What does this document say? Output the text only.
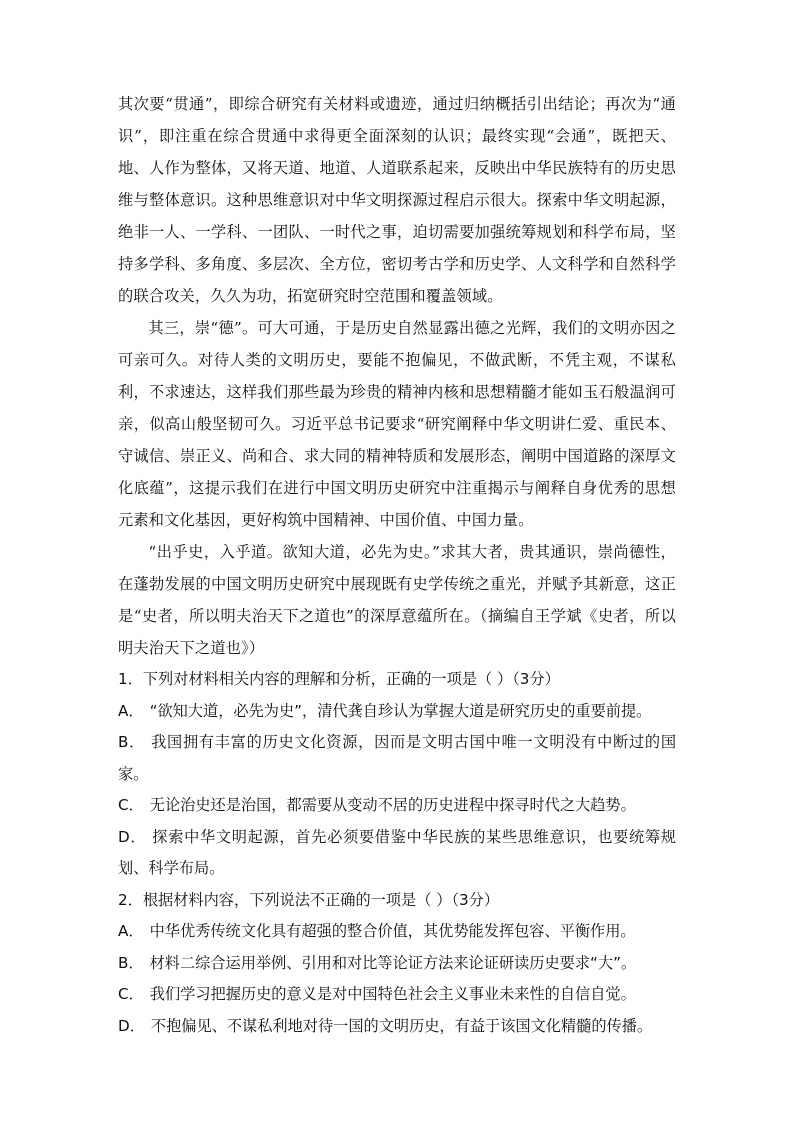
其次要“贯通”，即综合研究有关材料或遗迹，通过归纳概括引出结论；再次为“通识”，即注重在综合贯通中求得更全面深刻的认识；最终实现“会通”，既把天、地、人作为整体，又将天道、地道、人道联系起来，反映出中华民族特有的历史思维与整体意识。这种思维意识对中华文明探源过程启示很大。探索中华文明起源，绝非一人、一学科、一团队、一时代之事，迫切需要加强统筹规划和科学布局，坚持多学科、多角度、多层次、全方位，密切考古学和历史学、人文科学和自然科学的联合攻关，久久为功，拓宽研究时空范围和覆盖领域。

其三，崇“德”。可大可通，于是历史自然显露出德之光辉，我们的文明亦因之可亲可久。对待人类的文明历史，要能不抱偏见，不做武断，不凭主观，不谋私利，不求速达，这样我们那些最为珍贵的精神内核和思想精髓才能如玉石般温润可亲，似高山般坚韧可久。习近平总书记要求“研究阐释中华文明讲仁爱、重民本、守诚信、崇正义、尚和合、求大同的精神特质和发展形态，阐明中国道路的深厚文化底蕴”，这提示我们在进行中国文明历史研究中注重揭示与阐释自身优秀的思想元素和文化基因，更好构筑中国精神、中国价值、中国力量。

“出乎史，入乎道。欲知大道，必先为史。”求其大者，贵其通识，崇尚德性，在蓬勃发展的中国文明历史研究中展现既有史学传统之重光，并赋予其新意，这正是“史者，所以明夫治天下之道也”的深厚意蕴所在。（摘编自王学斌《史者，所以明夫治天下之道也》）

1．下列对材料相关内容的理解和分析，正确的一项是（ ）（3分）

A． “欲知大道，必先为史”，清代龚自珍认为掌握大道是研究历史的重要前提。

B． 我国拥有丰富的历史文化资源，因而是文明古国中唯一文明没有中断过的国家。

C． 无论治史还是治国，都需要从变动不居的历史进程中探寻时代之大趋势。

D． 探索中华文明起源，首先必须要借鉴中华民族的某些思维意识，也要统筹规划、科学布局。

2．根据材料内容，下列说法不正确的一项是（ ）（3分）

A． 中华优秀传统文化具有超强的整合价值，其优势能发挥包容、平衡作用。

B． 材料二综合运用举例、引用和对比等论证方法来论证研读历史要求“大”。

C． 我们学习把握历史的意义是对中国特色社会主义事业未来性的自信自觉。

D． 不抱偏见、不谋私利地对待一国的文明历史，有益于该国文化精髓的传播。
